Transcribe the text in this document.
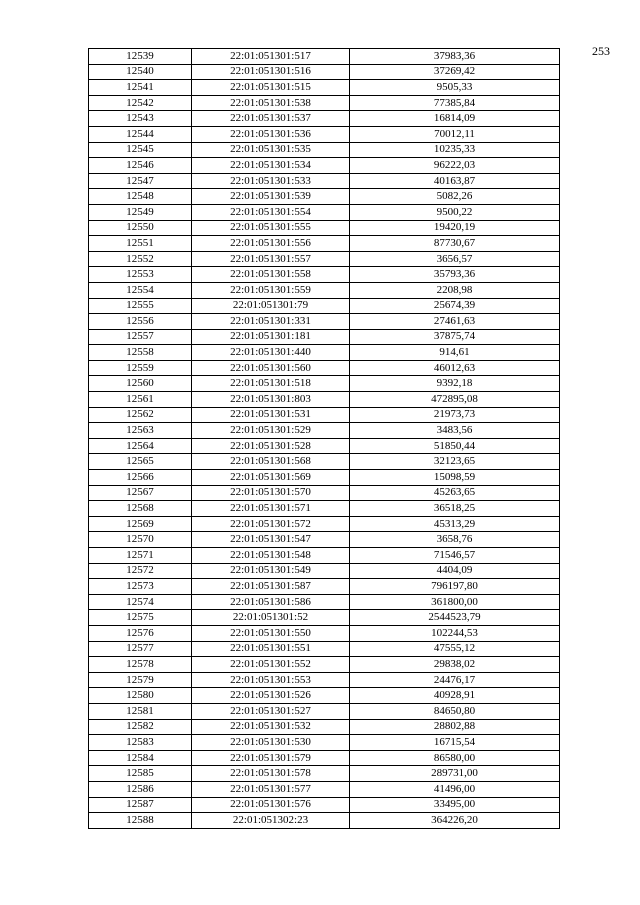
253
12539	22:01:051301:517	37983,36
12540	22:01:051301:516	37269,42
12541	22:01:051301:515	9505,33
12542	22:01:051301:538	77385,84
12543	22:01:051301:537	16814,09
12544	22:01:051301:536	70012,11
12545	22:01:051301:535	10235,33
12546	22:01:051301:534	96222,03
12547	22:01:051301:533	40163,87
12548	22:01:051301:539	5082,26
12549	22:01:051301:554	9500,22
12550	22:01:051301:555	19420,19
12551	22:01:051301:556	87730,67
12552	22:01:051301:557	3656,57
12553	22:01:051301:558	35793,36
12554	22:01:051301:559	2208,98
12555	22:01:051301:79	25674,39
12556	22:01:051301:331	27461,63
12557	22:01:051301:181	37875,74
12558	22:01:051301:440	914,61
12559	22:01:051301:560	46012,63
12560	22:01:051301:518	9392,18
12561	22:01:051301:803	472895,08
12562	22:01:051301:531	21973,73
12563	22:01:051301:529	3483,56
12564	22:01:051301:528	51850,44
12565	22:01:051301:568	32123,65
12566	22:01:051301:569	15098,59
12567	22:01:051301:570	45263,65
12568	22:01:051301:571	36518,25
12569	22:01:051301:572	45313,29
12570	22:01:051301:547	3658,76
12571	22:01:051301:548	71546,57
12572	22:01:051301:549	4404,09
12573	22:01:051301:587	796197,80
12574	22:01:051301:586	361800,00
12575	22:01:051301:52	2544523,79
12576	22:01:051301:550	102244,53
12577	22:01:051301:551	47555,12
12578	22:01:051301:552	29838,02
12579	22:01:051301:553	24476,17
12580	22:01:051301:526	40928,91
12581	22:01:051301:527	84650,80
12582	22:01:051301:532	28802,88
12583	22:01:051301:530	16715,54
12584	22:01:051301:579	86580,00
12585	22:01:051301:578	289731,00
12586	22:01:051301:577	41496,00
12587	22:01:051301:576	33495,00
12588	22:01:051302:23	364226,20
